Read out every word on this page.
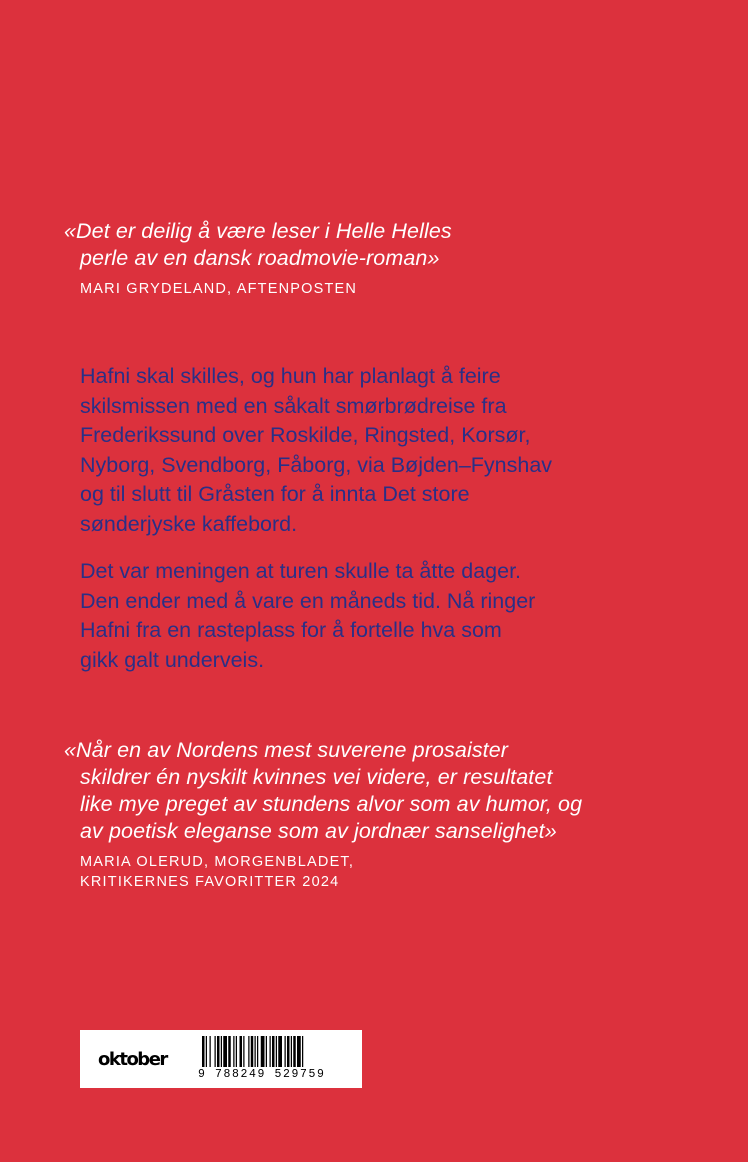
«Det er deilig å være leser i Helle Helles
perle av en dansk roadmovie-roman»
MARI GRYDELAND, AFTENPOSTEN
Hafni skal skilles, og hun har planlagt å feire
skilsmissen med en såkalt smørbrødreise fra
Frederikssund over Roskilde, Ringsted, Korsør,
Nyborg, Svendborg, Fåborg, via Bøjden–Fynshav
og til slutt til Gråsten for å innta Det store
sønderjyske kaffebord.
Det var meningen at turen skulle ta åtte dager.
Den ender med å vare en måneds tid. Nå ringer
Hafni fra en rasteplass for å fortelle hva som
gikk galt underveis.
«Når en av Nordens mest suverene prosaister
skildrer én nyskilt kvinnes vei videre, er resultatet
like mye preget av stundens alvor som av humor, og
av poetisk eleganse som av jordnær sanselighet»
MARIA OLERUD, MORGENBLADET,
KRITIKERNES FAVORITTER 2024
oktober
9 788249 529759
